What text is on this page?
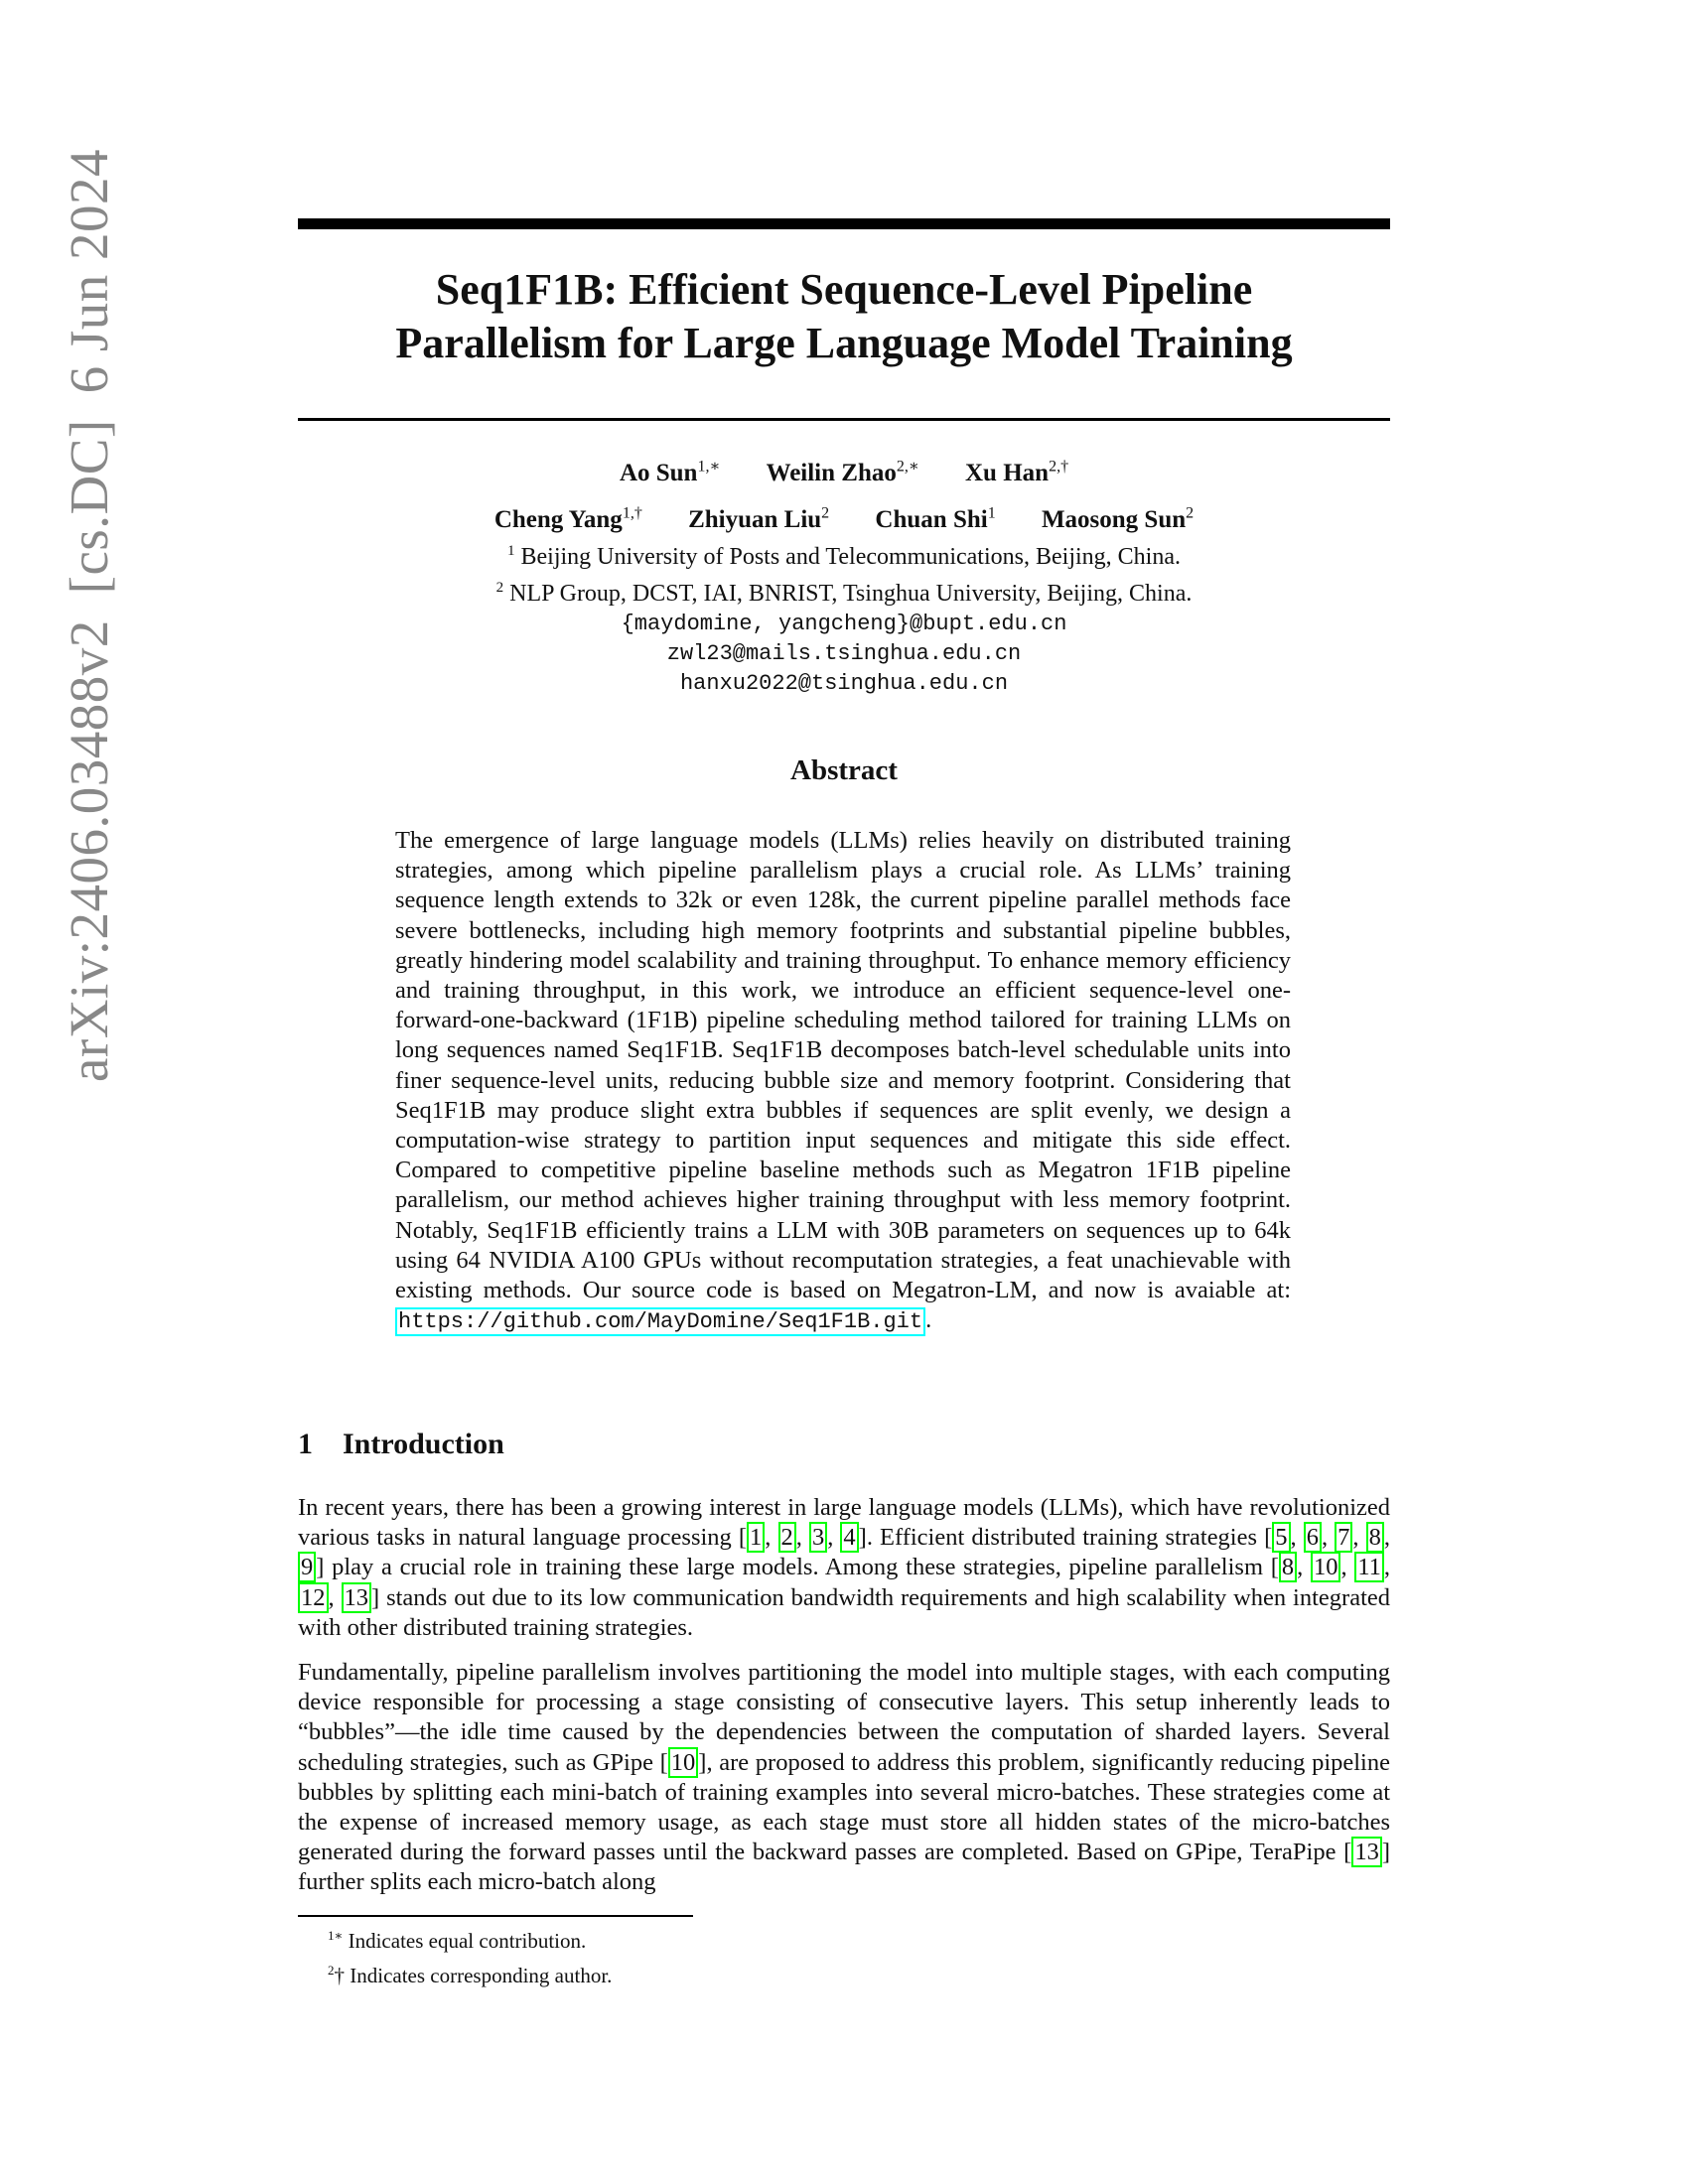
arXiv:2406.03488v2
[cs.DC]
6 Jun 2024	Seq1F1B: Efficient Sequence-Level Pipeline
Parallelism for Large Language Model Training
Ao Sun$^{1,∗}$ Weilin Zhao$^{2,∗}$ Xu Han$^{2,\dagger}$
Cheng Yang$^{1,\dagger}$ Zhiyuan Liu$^2$ Chuan Shi$^1$ Maosong Sun$^2$
$^1$ Beijing University of Posts and Telecommunications, Beijing, China.
$^2$ NLP Group, DCST, IAI, BNRIST, Tsinghua University, Beijing, China.
{maydomine, yangcheng}@bupt.edu.cn
zwl23@mails.tsinghua.edu.cn
hanxu2022@tsinghua.edu.cn
Abstract
The emergence of large language models (LLMs) relies heavily on distributed training strategies, among which pipeline parallelism plays a crucial role. As LLMs’ training sequence length extends to 32k or even 128k, the current pipeline parallel methods face severe bottlenecks, including high memory footprints and substantial pipeline bubbles, greatly hindering model scalability and training throughput. To enhance memory efficiency and training throughput, in this work, we introduce an efficient sequence-level one-forward-one-backward (1F1B) pipeline scheduling method tailored for training LLMs on long sequences named Seq1F1B. Seq1F1B decomposes batch-level schedulable units into finer sequence-level units, reducing bubble size and memory footprint. Considering that Seq1F1B may produce slight extra bubbles if sequences are split evenly, we design a computation-wise strategy to partition input sequences and mitigate this side effect. Compared to competitive pipeline baseline methods such as Megatron 1F1B pipeline parallelism, our method achieves higher training throughput with less memory footprint. Notably, Seq1F1B efficiently trains a LLM with 30B parameters on sequences up to 64k using 64 NVIDIA A100 GPUs without recomputation strategies, a feat unachievable with existing methods. Our source code is based on Megatron-LM, and now is avaiable at: https://github.com/MayDomine/Seq1F1B.git .
1 Introduction
In recent years, there has been a growing interest in large language models (LLMs), which have revolutionized various tasks in natural language processing [ 1 , 2 , 3 , 4 ]. Efficient distributed training strategies [ 5 , 6 , 7 , 8 , 9 ] play a crucial role in training these large models. Among these strategies, pipeline parallelism [ 8 , 10 , 11 , 12 , 13 ] stands out due to its low communication bandwidth requirements and high scalability when integrated with other distributed training strategies.
Fundamentally, pipeline parallelism involves partitioning the model into multiple stages, with each computing device responsible for processing a stage consisting of consecutive layers. This setup inherently leads to “bubbles”—the idle time caused by the dependencies between the computation of sharded layers. Several scheduling strategies, such as GPipe [ 10 ], are proposed to address this problem, significantly reducing pipeline bubbles by splitting each mini-batch of training examples into several micro-batches. These strategies come at the expense of increased memory usage, as each stage must store all hidden states of the micro-batches generated during the forward passes until the backward passes are completed. Based on GPipe, TeraPipe [ 13 ] further splits each micro-batch along
$^{1∗}$ Indicates equal contribution.
$^2$† Indicates corresponding author.
